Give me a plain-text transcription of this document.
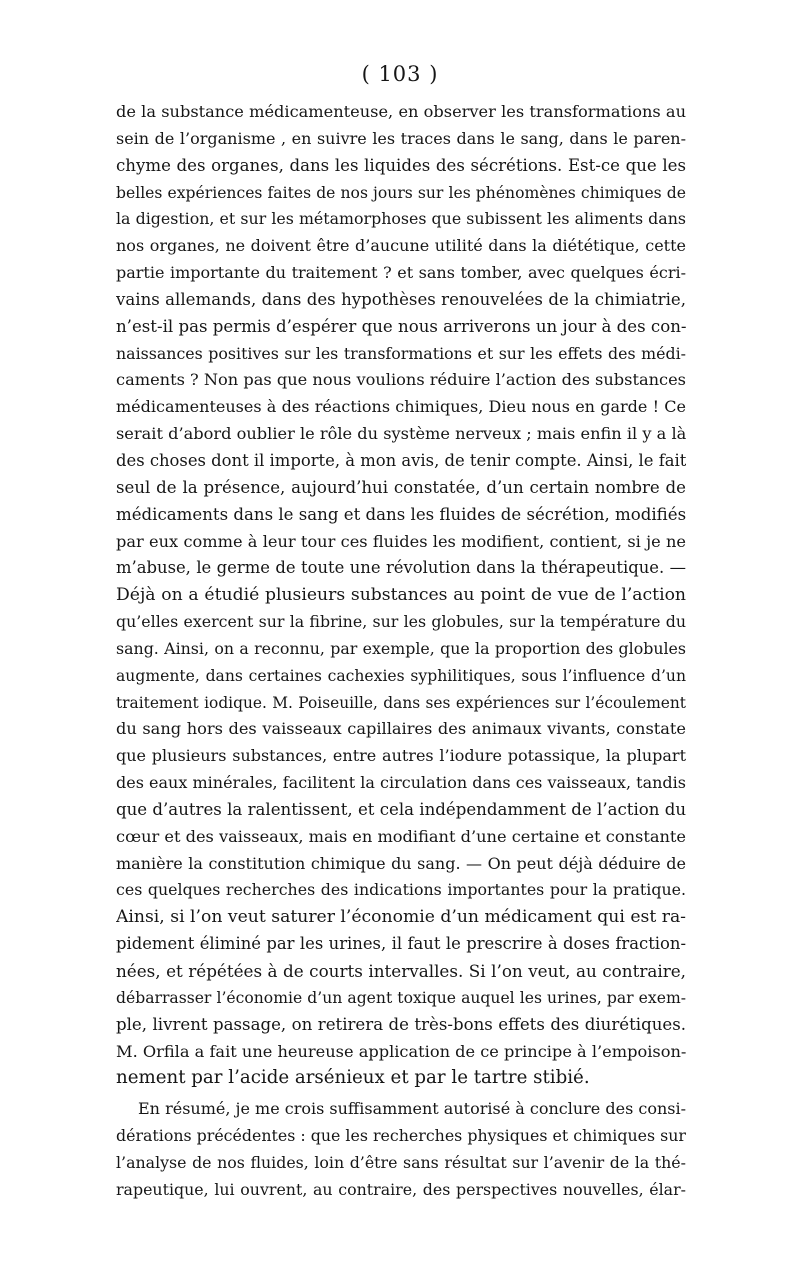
( 103 )
de la substance médicamenteuse, en observer les transformations au
sein de l’organisme , en suivre les traces dans le sang, dans le paren-
chyme des organes, dans les liquides des sécrétions. Est-ce que les
belles expériences faites de nos jours sur les phénomènes chimiques de
la digestion, et sur les métamorphoses que subissent les aliments dans
nos organes, ne doivent être d’aucune utilité dans la diététique, cette
partie importante du traitement ? et sans tomber, avec quelques écri-
vains allemands, dans des hypothèses renouvelées de la chimiatrie,
n’est-il pas permis d’espérer que nous arriverons un jour à des con-
naissances positives sur les transformations et sur les effets des médi-
caments ? Non pas que nous voulions réduire l’action des substances
médicamenteuses à des réactions chimiques, Dieu nous en garde ! Ce
serait d’abord oublier le rôle du système nerveux ; mais enfin il y a là
des choses dont il importe, à mon avis, de tenir compte. Ainsi, le fait
seul de la présence, aujourd’hui constatée, d’un certain nombre de
médicaments dans le sang et dans les fluides de sécrétion, modifiés
par eux comme à leur tour ces fluides les modifient, contient, si je ne
m’abuse, le germe de toute une révolution dans la thérapeutique. —
Déjà on a étudié plusieurs substances au point de vue de l’action
qu’elles exercent sur la fibrine, sur les globules, sur la température du
sang. Ainsi, on a reconnu, par exemple, que la proportion des globules
augmente, dans certaines cachexies syphilitiques, sous l’influence d’un
traitement iodique. M. Poiseuille, dans ses expériences sur l’écoulement
du sang hors des vaisseaux capillaires des animaux vivants, constate
que plusieurs substances, entre autres l’iodure potassique, la plupart
des eaux minérales, facilitent la circulation dans ces vaisseaux, tandis
que d’autres la ralentissent, et cela indépendamment de l’action du
cœur et des vaisseaux, mais en modifiant d’une certaine et constante
manière la constitution chimique du sang. — On peut déjà déduire de
ces quelques recherches des indications importantes pour la pratique.
Ainsi, si l’on veut saturer l’économie d’un médicament qui est ra-
pidement éliminé par les urines, il faut le prescrire à doses fraction-
nées, et répétées à de courts intervalles. Si l’on veut, au contraire,
débarrasser l’économie d’un agent toxique auquel les urines, par exem-
ple, livrent passage, on retirera de très-bons effets des diurétiques.
M. Orfila a fait une heureuse application de ce principe à l’empoison-
nement par l’acide arsénieux et par le tartre stibié.
En résumé, je me crois suffisamment autorisé à conclure des consi-
dérations précédentes : que les recherches physiques et chimiques sur
l’analyse de nos fluides, loin d’être sans résultat sur l’avenir de la thé-
rapeutique, lui ouvrent, au contraire, des perspectives nouvelles, élar-
